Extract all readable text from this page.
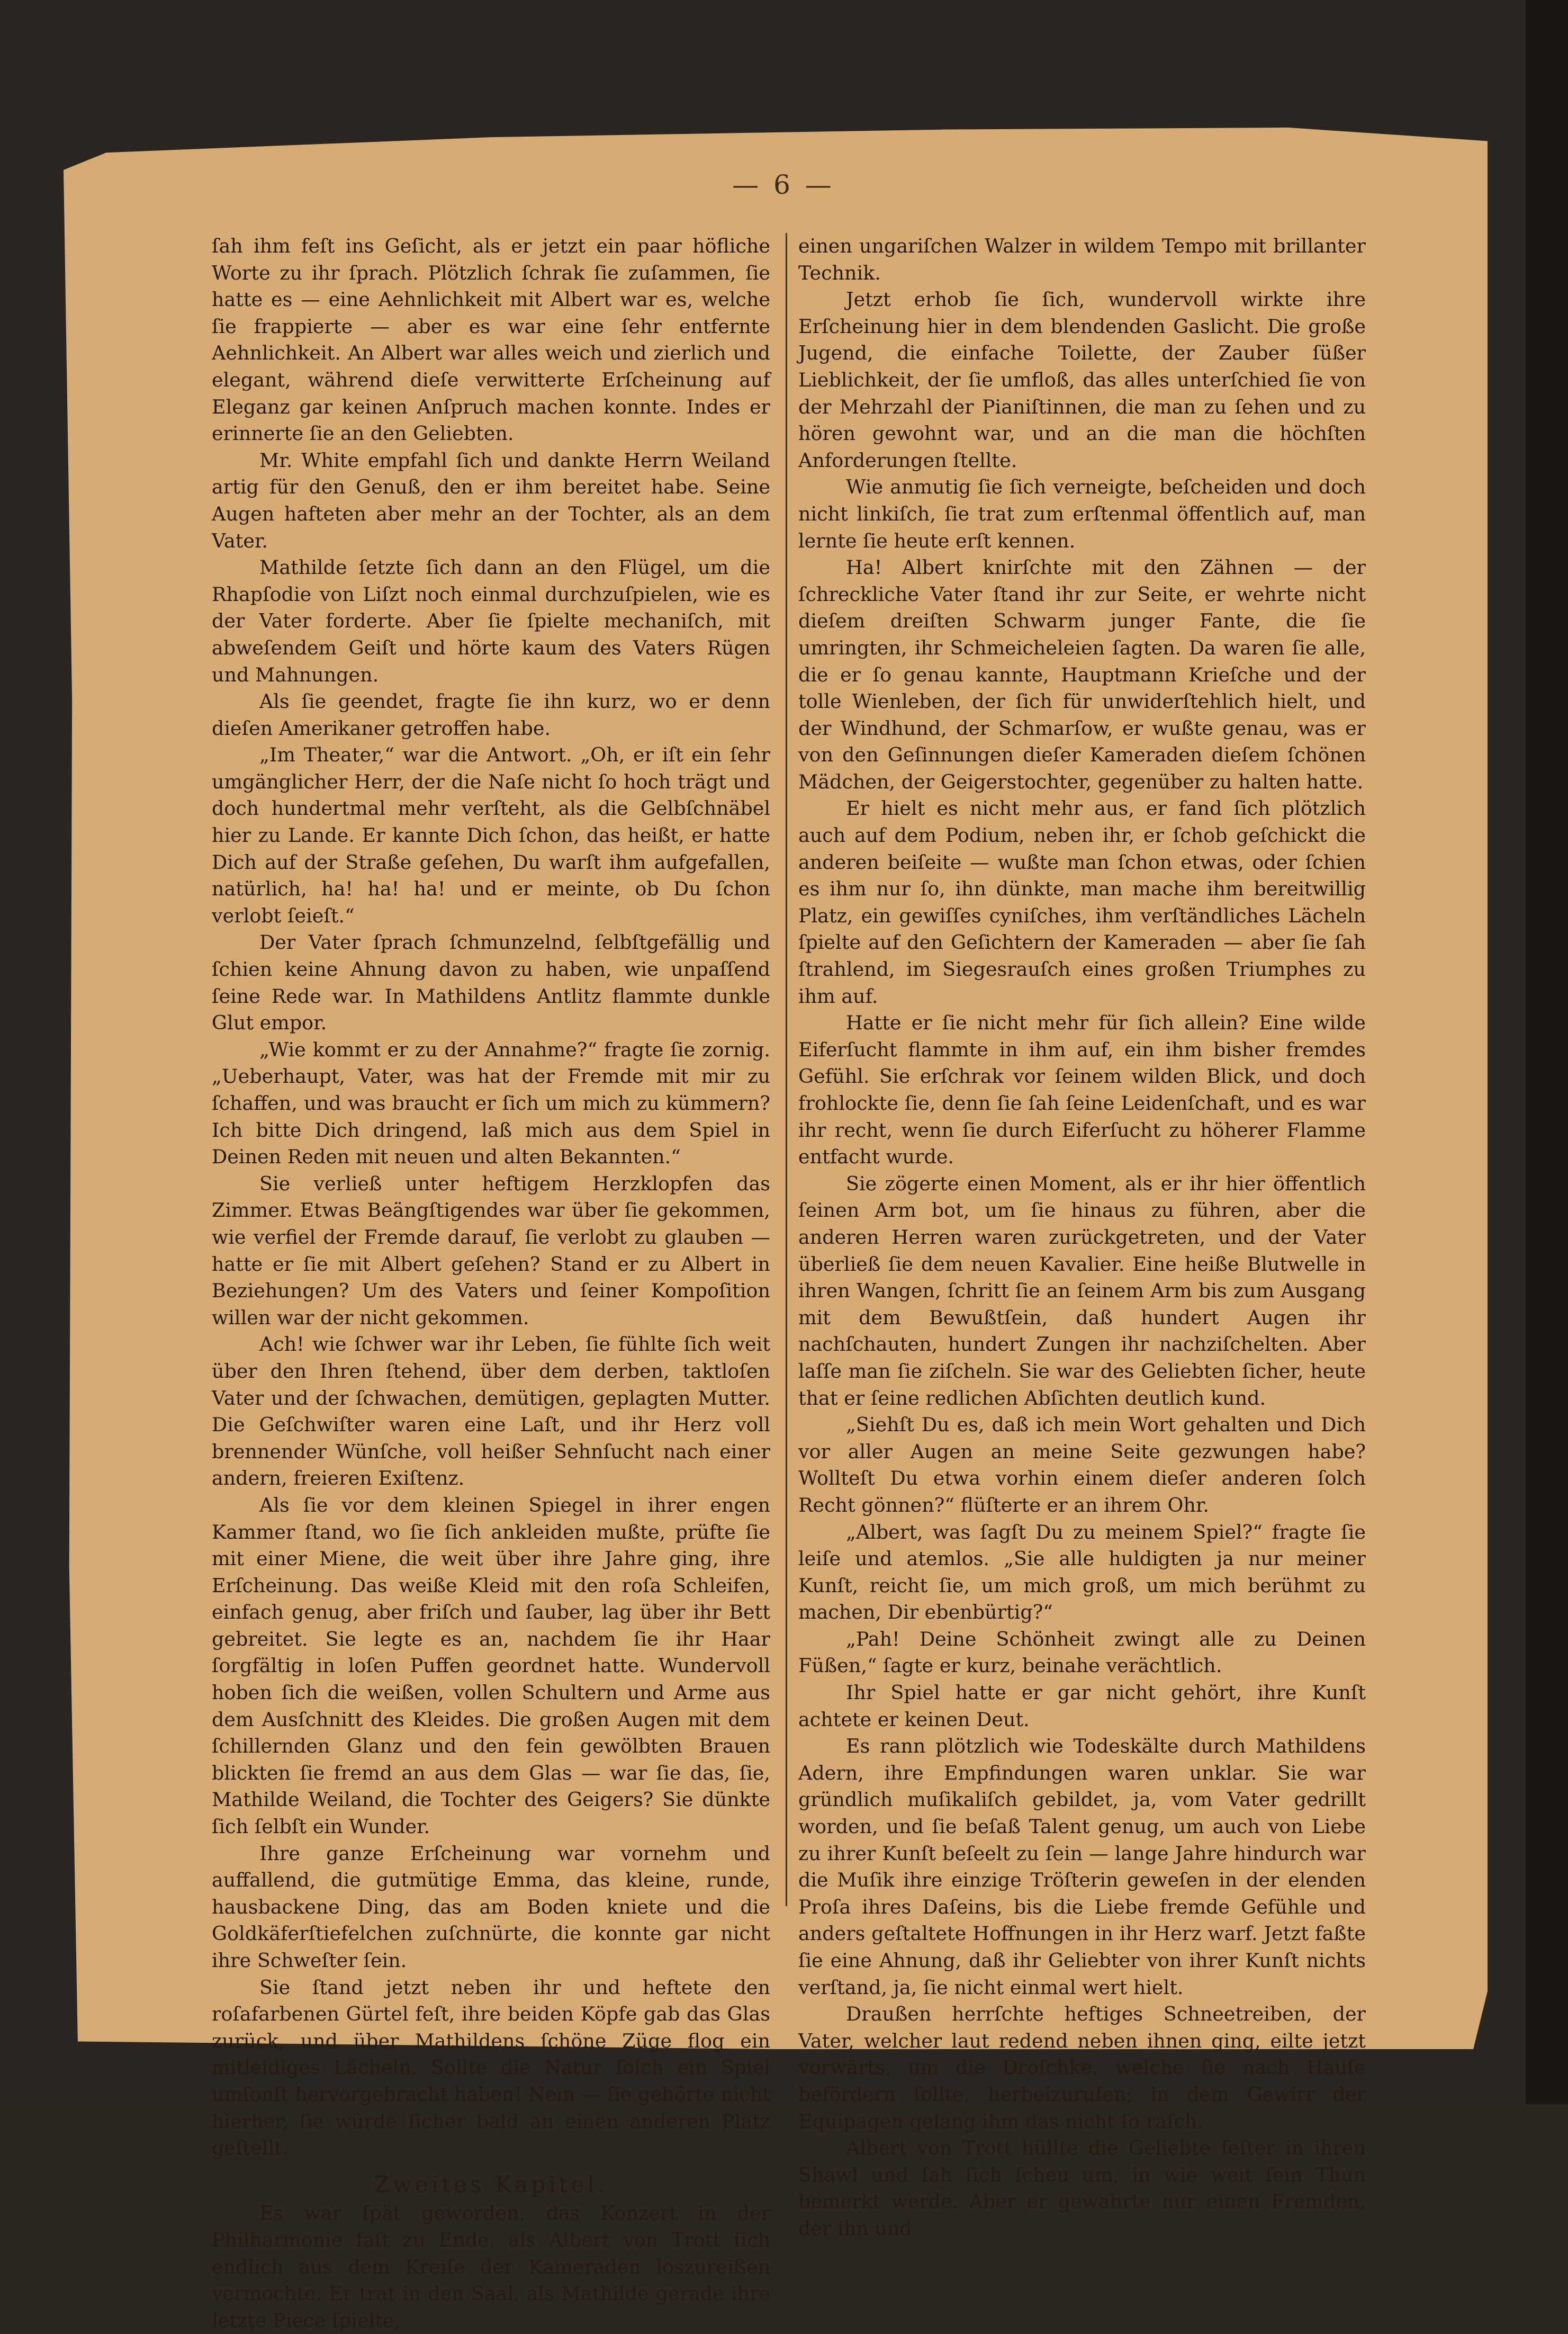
— 6 —

ſah ihm feſt ins Geſicht, als er jetzt ein paar höfliche Worte zu ihr ſprach. Plötzlich ſchrak ſie zuſammen, ſie hatte es — eine Aehnlichkeit mit Albert war es, welche ſie frappierte — aber es war eine ſehr entfernte Aehnlichkeit. An Albert war alles weich und zierlich und elegant, während dieſe verwitterte Erſcheinung auf Eleganz gar keinen Anſpruch machen konnte. Indes er erinnerte ſie an den Geliebten.

Mr. White empfahl ſich und dankte Herrn Weiland artig für den Genuß, den er ihm bereitet habe. Seine Augen hafteten aber mehr an der Tochter, als an dem Vater.

Mathilde ſetzte ſich dann an den Flügel, um die Rhapſodie von Liſzt noch einmal durchzuſpielen, wie es der Vater forderte. Aber ſie ſpielte mechaniſch, mit abweſendem Geiſt und hörte kaum des Vaters Rügen und Mahnungen.

Als ſie geendet, fragte ſie ihn kurz, wo er denn dieſen Amerikaner getroffen habe.

„Im Theater,“ war die Antwort. „Oh, er iſt ein ſehr umgänglicher Herr, der die Naſe nicht ſo hoch trägt und doch hundertmal mehr verſteht, als die Gelbſchnäbel hier zu Lande. Er kannte Dich ſchon, das heißt, er hatte Dich auf der Straße geſehen, Du warſt ihm aufgefallen, natürlich, ha! ha! ha! und er meinte, ob Du ſchon verlobt ſeieſt.“

Der Vater ſprach ſchmunzelnd, ſelbſtgefällig und ſchien keine Ahnung davon zu haben, wie unpaſſend ſeine Rede war. In Mathildens Antlitz flammte dunkle Glut empor.

„Wie kommt er zu der Annahme?“ fragte ſie zornig. „Ueberhaupt, Vater, was hat der Fremde mit mir zu ſchaffen, und was braucht er ſich um mich zu kümmern? Ich bitte Dich dringend, laß mich aus dem Spiel in Deinen Reden mit neuen und alten Bekannten.“

Sie verließ unter heftigem Herzklopfen das Zimmer. Etwas Beängſtigendes war über ſie gekommen, wie verfiel der Fremde darauf, ſie verlobt zu glauben — hatte er ſie mit Albert geſehen? Stand er zu Albert in Beziehungen? Um des Vaters und ſeiner Kompoſition willen war der nicht gekommen.

Ach! wie ſchwer war ihr Leben, ſie fühlte ſich weit über den Ihren ſtehend, über dem derben, taktloſen Vater und der ſchwachen, demütigen, geplagten Mutter. Die Geſchwiſter waren eine Laſt, und ihr Herz voll brennender Wünſche, voll heißer Sehnſucht nach einer andern, freieren Exiſtenz.

Als ſie vor dem kleinen Spiegel in ihrer engen Kammer ſtand, wo ſie ſich ankleiden mußte, prüfte ſie mit einer Miene, die weit über ihre Jahre ging, ihre Erſcheinung. Das weiße Kleid mit den roſa Schleifen, einfach genug, aber friſch und ſauber, lag über ihr Bett gebreitet. Sie legte es an, nachdem ſie ihr Haar ſorgfältig in loſen Puffen geordnet hatte. Wundervoll hoben ſich die weißen, vollen Schultern und Arme aus dem Ausſchnitt des Kleides. Die großen Augen mit dem ſchillernden Glanz und den fein gewölbten Brauen blickten ſie fremd an aus dem Glas — war ſie das, ſie, Mathilde Weiland, die Tochter des Geigers? Sie dünkte ſich ſelbſt ein Wunder.

Ihre ganze Erſcheinung war vornehm und auffallend, die gutmütige Emma, das kleine, runde, hausbackene Ding, das am Boden kniete und die Goldkäferſtiefelchen zuſchnürte, die konnte gar nicht ihre Schweſter ſein.

Sie ſtand jetzt neben ihr und heftete den roſafarbenen Gürtel feſt, ihre beiden Köpfe gab das Glas zurück, und über Mathildens ſchöne Züge flog ein mitleidiges Lächeln. Sollte die Natur ſolch ein Spiel umſonſt hervorgebracht haben! Nein — ſie gehörte nicht hierher, ſie würde ſicher bald an einen anderen Platz geſtellt.

Zweites Kapitel.

Es war ſpät geworden, das Konzert in der Philharmonie faſt zu Ende, als Albert von Trott ſich endlich aus dem Kreiſe der Kameraden loszureißen vermochte. Er trat in den Saal, als Mathilde gerade ihre letzte Pièce ſpielte,

einen ungariſchen Walzer in wildem Tempo mit brillanter Technik.

Jetzt erhob ſie ſich, wundervoll wirkte ihre Erſcheinung hier in dem blendenden Gaslicht. Die große Jugend, die einfache Toilette, der Zauber ſüßer Lieblichkeit, der ſie umfloß, das alles unterſchied ſie von der Mehrzahl der Pianiſtinnen, die man zu ſehen und zu hören gewohnt war, und an die man die höchſten Anforderungen ſtellte.

Wie anmutig ſie ſich verneigte, beſcheiden und doch nicht linkiſch, ſie trat zum erſtenmal öffentlich auf, man lernte ſie heute erſt kennen.

Ha! Albert knirſchte mit den Zähnen — der ſchreckliche Vater ſtand ihr zur Seite, er wehrte nicht dieſem dreiſten Schwarm junger Fante, die ſie umringten, ihr Schmeicheleien ſagten. Da waren ſie alle, die er ſo genau kannte, Hauptmann Krieſche und der tolle Wienleben, der ſich für unwiderſtehlich hielt, und der Windhund, der Schmarſow, er wußte genau, was er von den Geſinnungen dieſer Kameraden dieſem ſchönen Mädchen, der Geigerstochter, gegenüber zu halten hatte.

Er hielt es nicht mehr aus, er fand ſich plötzlich auch auf dem Podium, neben ihr, er ſchob geſchickt die anderen beiſeite — wußte man ſchon etwas, oder ſchien es ihm nur ſo, ihn dünkte, man mache ihm bereitwillig Platz, ein gewiſſes cyniſches, ihm verſtändliches Lächeln ſpielte auf den Geſichtern der Kameraden — aber ſie ſah ſtrahlend, im Siegesrauſch eines großen Triumphes zu ihm auf.

Hatte er ſie nicht mehr für ſich allein? Eine wilde Eiferſucht flammte in ihm auf, ein ihm bisher fremdes Gefühl. Sie erſchrak vor ſeinem wilden Blick, und doch frohlockte ſie, denn ſie ſah ſeine Leidenſchaft, und es war ihr recht, wenn ſie durch Eiferſucht zu höherer Flamme entfacht wurde.

Sie zögerte einen Moment, als er ihr hier öffentlich ſeinen Arm bot, um ſie hinaus zu führen, aber die anderen Herren waren zurückgetreten, und der Vater überließ ſie dem neuen Kavalier. Eine heiße Blutwelle in ihren Wangen, ſchritt ſie an ſeinem Arm bis zum Ausgang mit dem Bewußtſein, daß hundert Augen ihr nachſchauten, hundert Zungen ihr nachziſchelten. Aber laſſe man ſie ziſcheln. Sie war des Geliebten ſicher, heute that er ſeine redlichen Abſichten deutlich kund.

„Siehſt Du es, daß ich mein Wort gehalten und Dich vor aller Augen an meine Seite gezwungen habe? Wollteſt Du etwa vorhin einem dieſer anderen ſolch Recht gönnen?“ flüſterte er an ihrem Ohr.

„Albert, was ſagſt Du zu meinem Spiel?“ fragte ſie leiſe und atemlos. „Sie alle huldigten ja nur meiner Kunſt, reicht ſie, um mich groß, um mich berühmt zu machen, Dir ebenbürtig?“

„Pah! Deine Schönheit zwingt alle zu Deinen Füßen,“ ſagte er kurz, beinahe verächtlich.

Ihr Spiel hatte er gar nicht gehört, ihre Kunſt achtete er keinen Deut.

Es rann plötzlich wie Todeskälte durch Mathildens Adern, ihre Empfindungen waren unklar. Sie war gründlich muſikaliſch gebildet, ja, vom Vater gedrillt worden, und ſie beſaß Talent genug, um auch von Liebe zu ihrer Kunſt beſeelt zu ſein — lange Jahre hindurch war die Muſik ihre einzige Tröſterin geweſen in der elenden Proſa ihres Daſeins, bis die Liebe fremde Gefühle und anders geſtaltete Hoffnungen in ihr Herz warf. Jetzt faßte ſie eine Ahnung, daß ihr Geliebter von ihrer Kunſt nichts verſtand, ja, ſie nicht einmal wert hielt.

Draußen herrſchte heftiges Schneetreiben, der Vater, welcher laut redend neben ihnen ging, eilte jetzt vorwärts, um die Droſchke, welche ſie nach Hauſe befördern ſollte, herbeizurufen; in dem Gewirr der Equipagen gelang ihm das nicht ſo raſch.

Albert von Trott hüllte die Geliebte feſter in ihren Shawl und ſah ſich ſcheu um, in wie weit ſein Thun bemerkt werde. Aber er gewahrte nur einen Fremden, der ihn und
